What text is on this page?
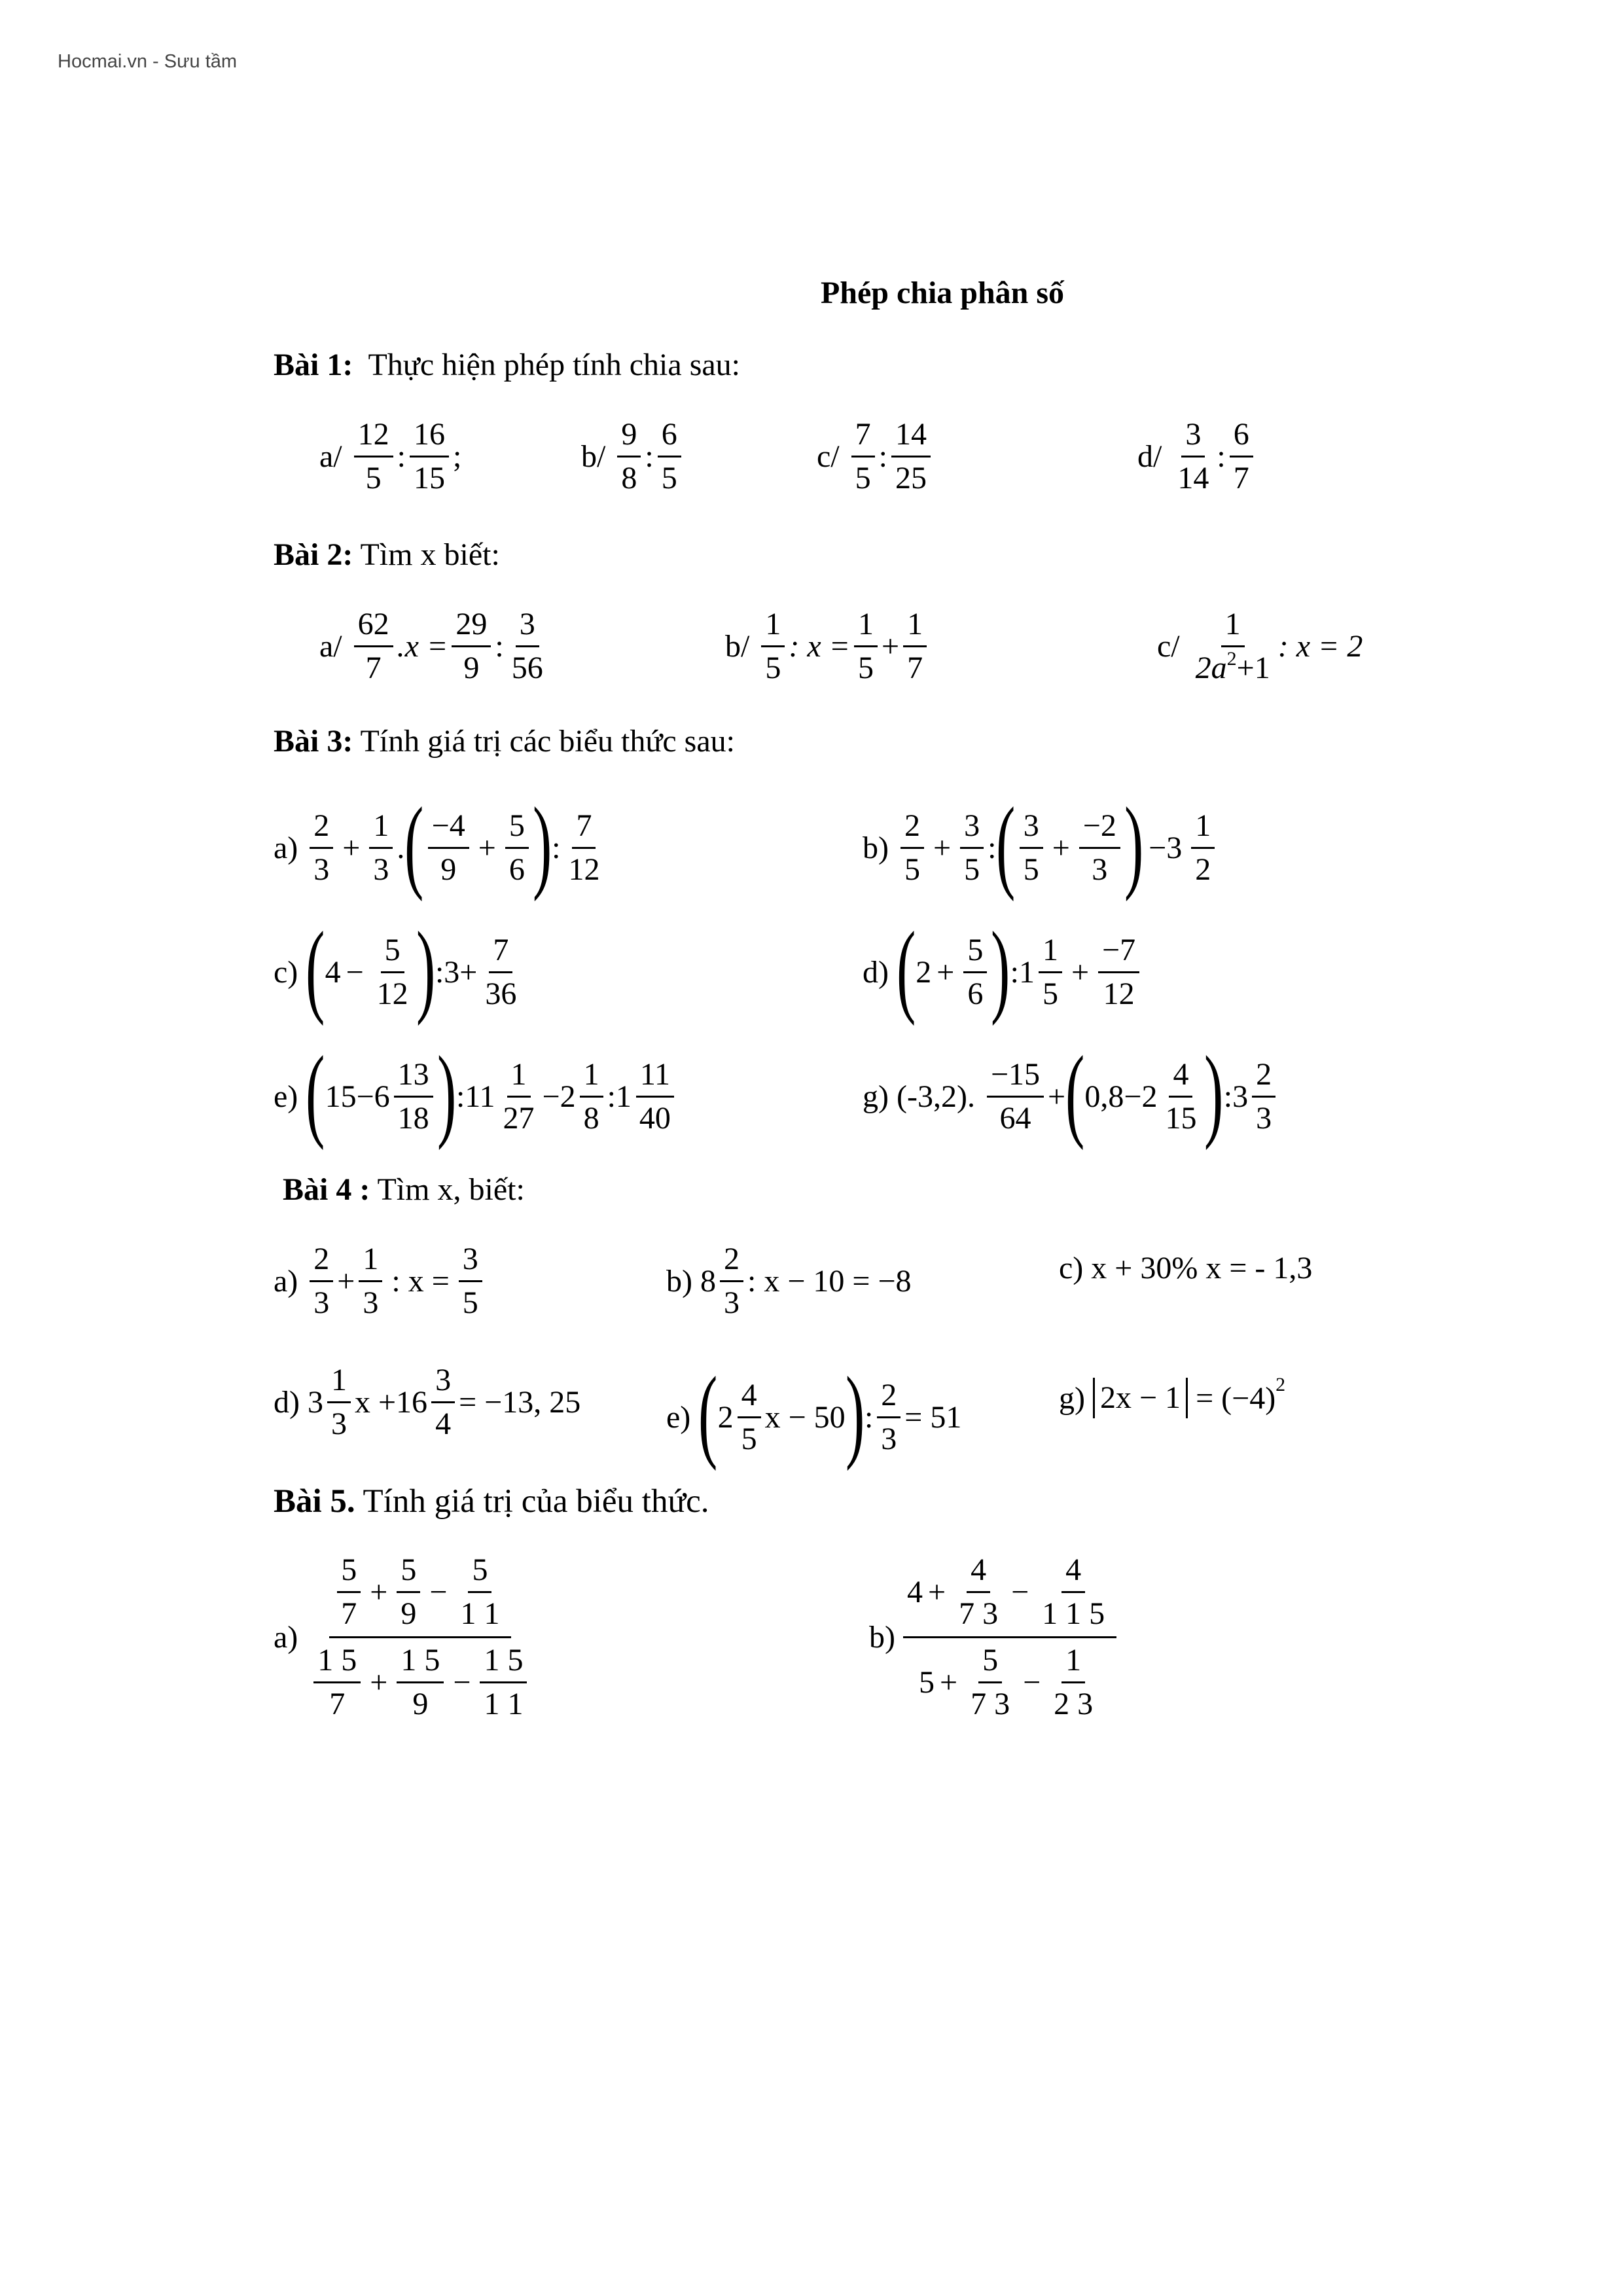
Hocmai.vn - Sưu tầm
Phép chia phân số
Bài 1: Thực hiện phép tính chia sau:
a/
$\frac{12}{5}$ : $\frac{16}{15}$ ;	b/
$\frac{9}{8}$ : $\frac{6}{5}$	c/
$\frac{7}{5}$ : $\frac{14}{25}$	d/
$\frac{3}{14}$ : $\frac{6}{7}$
Bài 2: Tìm x biết:
a/
$\frac{62}{7} .x = \frac{29}{9}$ : $\frac{3}{56}$	b/
$\frac{1}{5}$ : $x = \frac{1}{5} + \frac{1}{7}$	c/
$\frac{1}{2a^2+1}$ : x = 2
Bài 3: Tính giá trị các biểu thức sau:
a)
$\frac{2}{3} + \frac{1}{3}$ . ( $\frac{-4}{9} + \frac{5}{6}$ ) : $\frac{7}{12}$	b)
$\frac{2}{5} + \frac{3}{5}$ : ( $\frac{3}{5} + \frac{-2}{3}$ ) $-3 \frac{1}{2}$
c)
( $4 - \frac{5}{12}$ ) :3+ $\frac{7}{36}$	d)
( $2 + \frac{5}{6}$ ) :1 $\frac{1}{5} + \frac{-7}{12}$
e)
( $15 -6 \frac{13}{18}$ ) :11 $\frac{1}{27} -2 \frac{1}{8}$ :1 $\frac{11}{40}$	g)
(-3,2).
$\frac{-15}{64}$ + ( $0,8 -2 \frac{4}{15}$ ) :3 $\frac{2}{3}$
Bài 4 : Tìm x, biết:
a)
$\frac{2}{3} + \frac{1}{3}$ : $x = \frac{3}{5}$	b)
$8 \frac{2}{3}$ : x − 10 = −8	c)
x + 30% x = - 1,3
d)
$3 \frac{1}{3}$ $x +16 \frac{3}{4} = -13$, 25	e)
( $2 \frac{4}{5}$ x − 50 ) : $\frac{2}{3} = 51$
g)
2x − 1
= (−4) 2
Bài 5. Tính giá trị của biểu thức.
a)

$\frac{5}{7} + \frac{5}{9} - \frac{5}{1 1}$
$\frac{1 5}{7} + \frac{1 5}{9} - \frac{1 5}{1 1}$
b)

$4 + \frac{4}{7 3} - \frac{4}{1 1 5}$
$5 + \frac{5}{7 3} - \frac{1}{2 3}$
